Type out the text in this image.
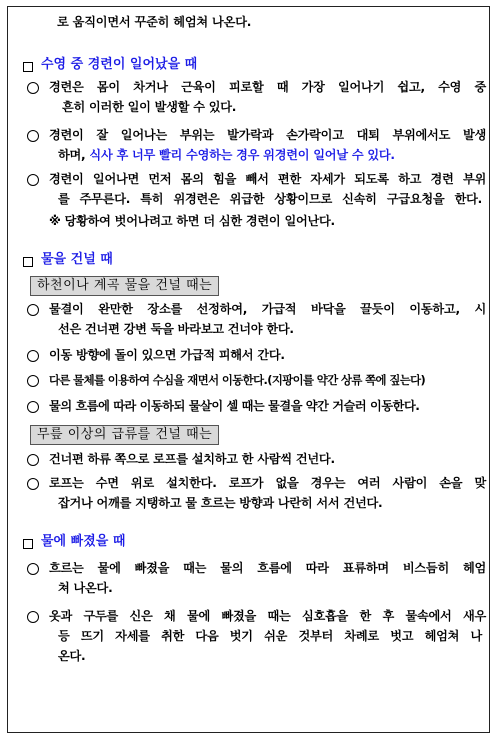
로 움직이면서 꾸준히 헤엄쳐 나온다.
수영 중 경련이 일어났을 때
경련은 몸이 차거나 근육이 피로할 때 가장 일어나기 쉽고, 수영 중
흔히 이러한 일이 발생할 수 있다.
경련이 잘 일어나는 부위는 발가락과 손가락이고 대퇴 부위에서도 발생
하며, 식사 후 너무 빨리 수영하는 경우 위경련이 일어날 수 있다.
경련이 일어나면 먼저 몸의 힘을 빼서 편한 자세가 되도록 하고 경련 부위
를 주무른다. 특히 위경련은 위급한 상황이므로 신속히 구급요청을 한다.
※ 당황하여 벗어나려고 하면 더 심한 경련이 일어난다.
물을 건널 때
하천이나 계곡 물을 건널 때는
물결이 완만한 장소를 선정하여, 가급적 바닥을 끌듯이 이동하고, 시
선은 건너편 강변 둑을 바라보고 건너야 한다.
이동 방향에 돌이 있으면 가급적 피해서 간다.
다른 물체를 이용하여 수심을 재면서 이동한다.(지팡이를 약간 상류 쪽에 짚는다)
물의 흐름에 따라 이동하되 물살이 셀 때는 물결을 약간 거슬러 이동한다.
무릎 이상의 급류를 건널 때는
건너편 하류 쪽으로 로프를 설치하고 한 사람씩 건넌다.
로프는 수면 위로 설치한다. 로프가 없을 경우는 여러 사람이 손을 맞
잡거나 어깨를 지탱하고 물 흐르는 방향과 나란히 서서 건넌다.
물에 빠졌을 때
흐르는 물에 빠졌을 때는 물의 흐름에 따라 표류하며 비스듬히 헤엄
쳐 나온다.
옷과 구두를 신은 채 물에 빠졌을 때는 심호흡을 한 후 물속에서 새우
등 뜨기 자세를 취한 다음 벗기 쉬운 것부터 차례로 벗고 헤엄쳐 나
온다.
